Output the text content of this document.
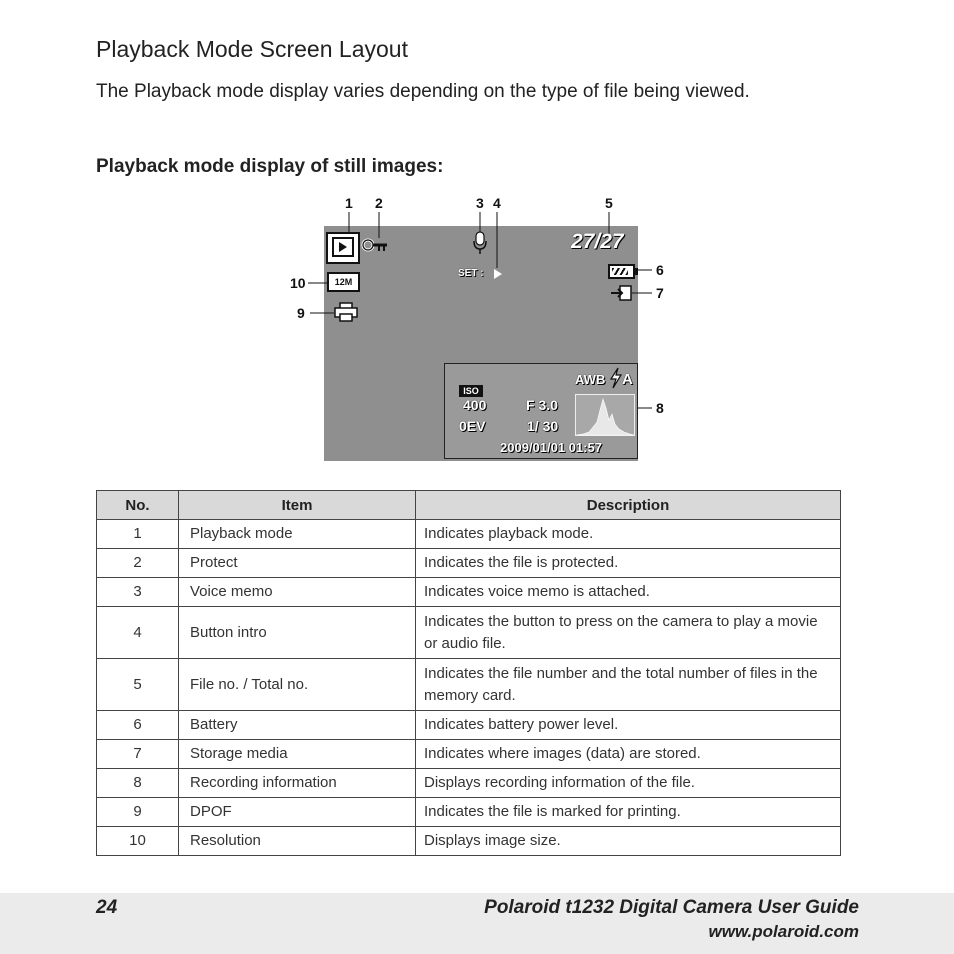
Playback Mode Screen Layout
The Playback mode display varies depending on the type of file being viewed.
Playback mode display of still images:
1 2	3 4	5
6
7
8
9
10
SET :
27/27
12M
AWB A
ISO
400	F 3.0
0EV	1/ 30
2009/01/01 01:57
No.	Item	Description
1	Playback mode	Indicates playback mode.
2	Protect	Indicates the file is protected.
3	Voice memo	Indicates voice memo is attached.
4	Button intro	Indicates the button to press on the camera to play a movie or audio file.
5	File no. / Total no.	Indicates the file number and the total number of files in the memory card.
6	Battery	Indicates battery power level.
7	Storage media	Indicates where images (data) are stored.
8	Recording information	Displays recording information of the file.
9	DPOF	Indicates the file is marked for printing.
10	Resolution	Displays image size.
24	Polaroid t1232 Digital Camera User Guide
www.polaroid.com
